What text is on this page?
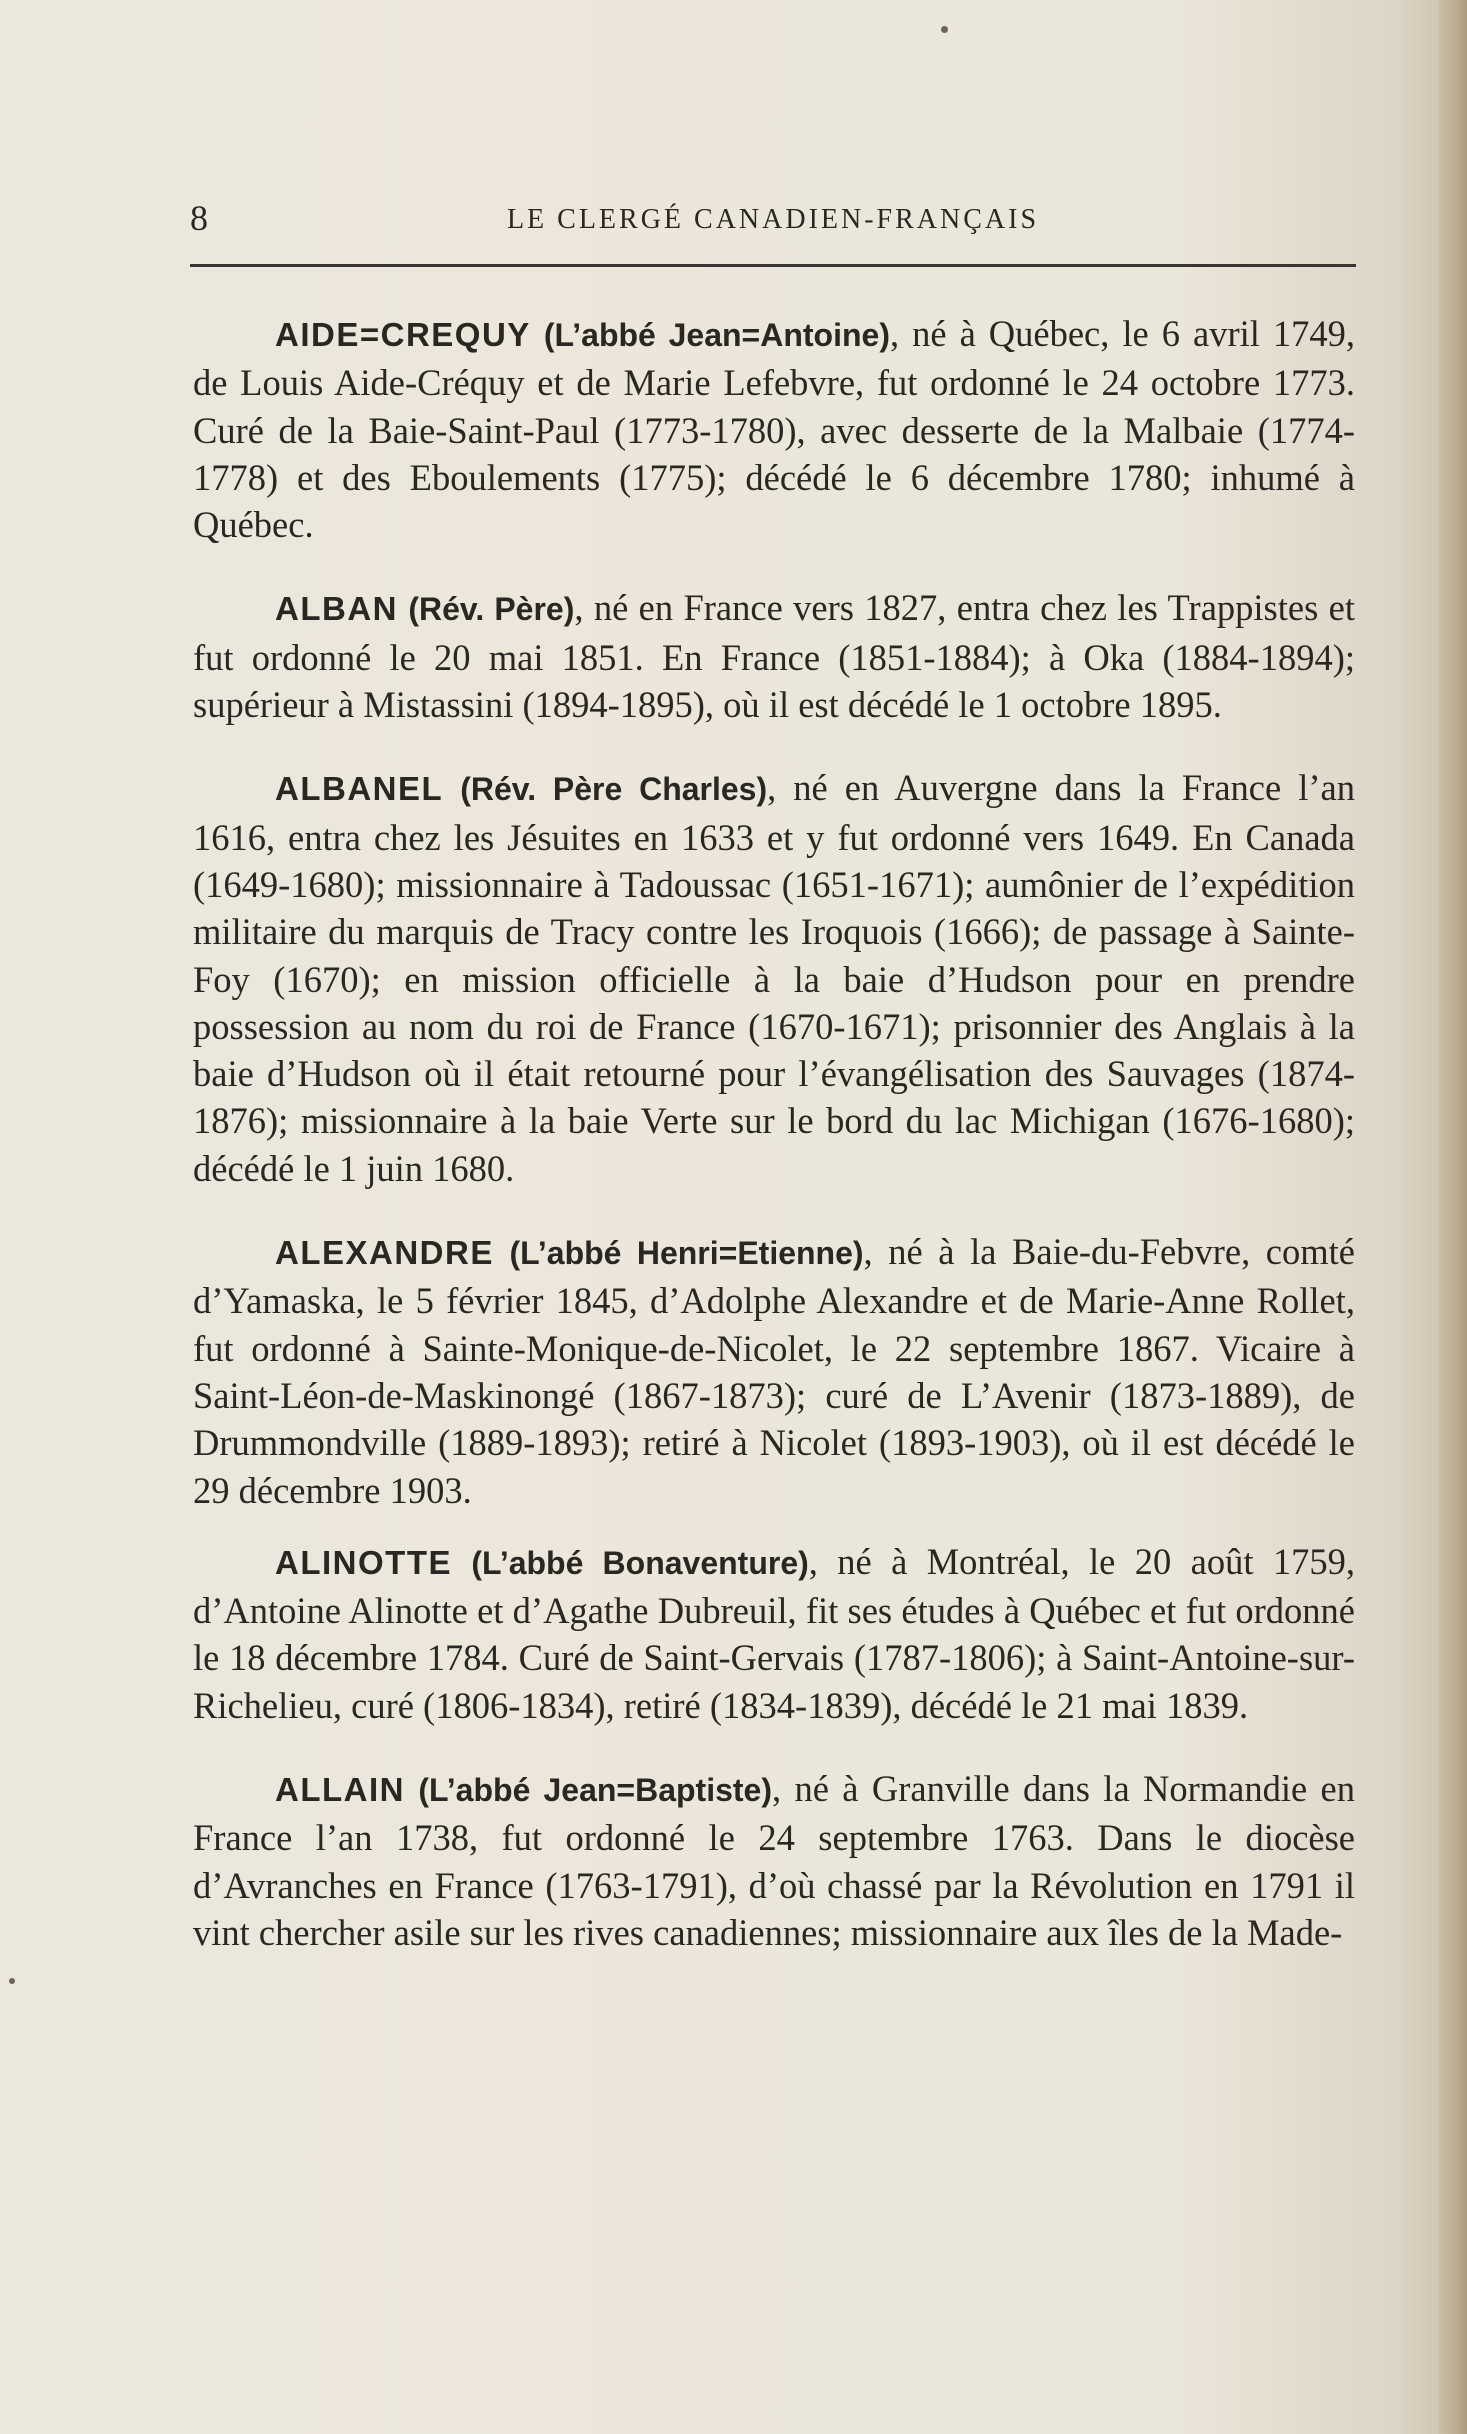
8	LE CLERGÉ CANADIEN-FRANÇAIS

AIDE=CREQUY (L’abbé Jean=Antoine), né à Québec, le 6 avril 1749, de Louis Aide-Créquy et de Marie Lefebvre, fut ordonné le 24 octobre 1773. Curé de la Baie-Saint-Paul (1773-1780), avec desserte de la Malbaie (1774-1778) et des Eboulements (1775); décédé le 6 décembre 1780; inhumé à Québec.

ALBAN (Rév. Père), né en France vers 1827, entra chez les Trappistes et fut ordonné le 20 mai 1851. En France (1851-1884); à Oka (1884-1894); supérieur à Mistassini (1894-1895), où il est décédé le 1 octobre 1895.

ALBANEL (Rév. Père Charles), né en Auvergne dans la France l’an 1616, entra chez les Jésuites en 1633 et y fut ordonné vers 1649. En Canada (1649-1680); missionnaire à Tadoussac (1651-1671); aumônier de l’expédition militaire du marquis de Tracy contre les Iroquois (1666); de passage à Sainte-Foy (1670); en mission officielle à la baie d’Hudson pour en prendre possession au nom du roi de France (1670-1671); prisonnier des Anglais à la baie d’Hudson où il était retourné pour l’évangélisation des Sauvages (1874-1876); missionnaire à la baie Verte sur le bord du lac Michigan (1676-1680); décédé le 1 juin 1680.

ALEXANDRE (L’abbé Henri=Etienne), né à la Baie-du-Febvre, comté d’Yamaska, le 5 février 1845, d’Adolphe Alexandre et de Marie-Anne Rollet, fut ordonné à Sainte-Monique-de-Nicolet, le 22 septembre 1867. Vicaire à Saint-Léon-de-Maskinongé (1867-1873); curé de L’Avenir (1873-1889), de Drummondville (1889-1893); retiré à Nicolet (1893-1903), où il est décédé le 29 décembre 1903.

ALINOTTE (L’abbé Bonaventure), né à Montréal, le 20 août 1759, d’Antoine Alinotte et d’Agathe Dubreuil, fit ses études à Québec et fut ordonné le 18 décembre 1784. Curé de Saint-Gervais (1787-1806); à Saint-Antoine-sur-Richelieu, curé (1806-1834), retiré (1834-1839), décédé le 21 mai 1839.

ALLAIN (L’abbé Jean=Baptiste), né à Granville dans la Normandie en France l’an 1738, fut ordonné le 24 septembre 1763. Dans le diocèse d’Avranches en France (1763-1791), d’où chassé par la Révolution en 1791 il vint chercher asile sur les rives canadiennes; missionnaire aux îles de la Made-
